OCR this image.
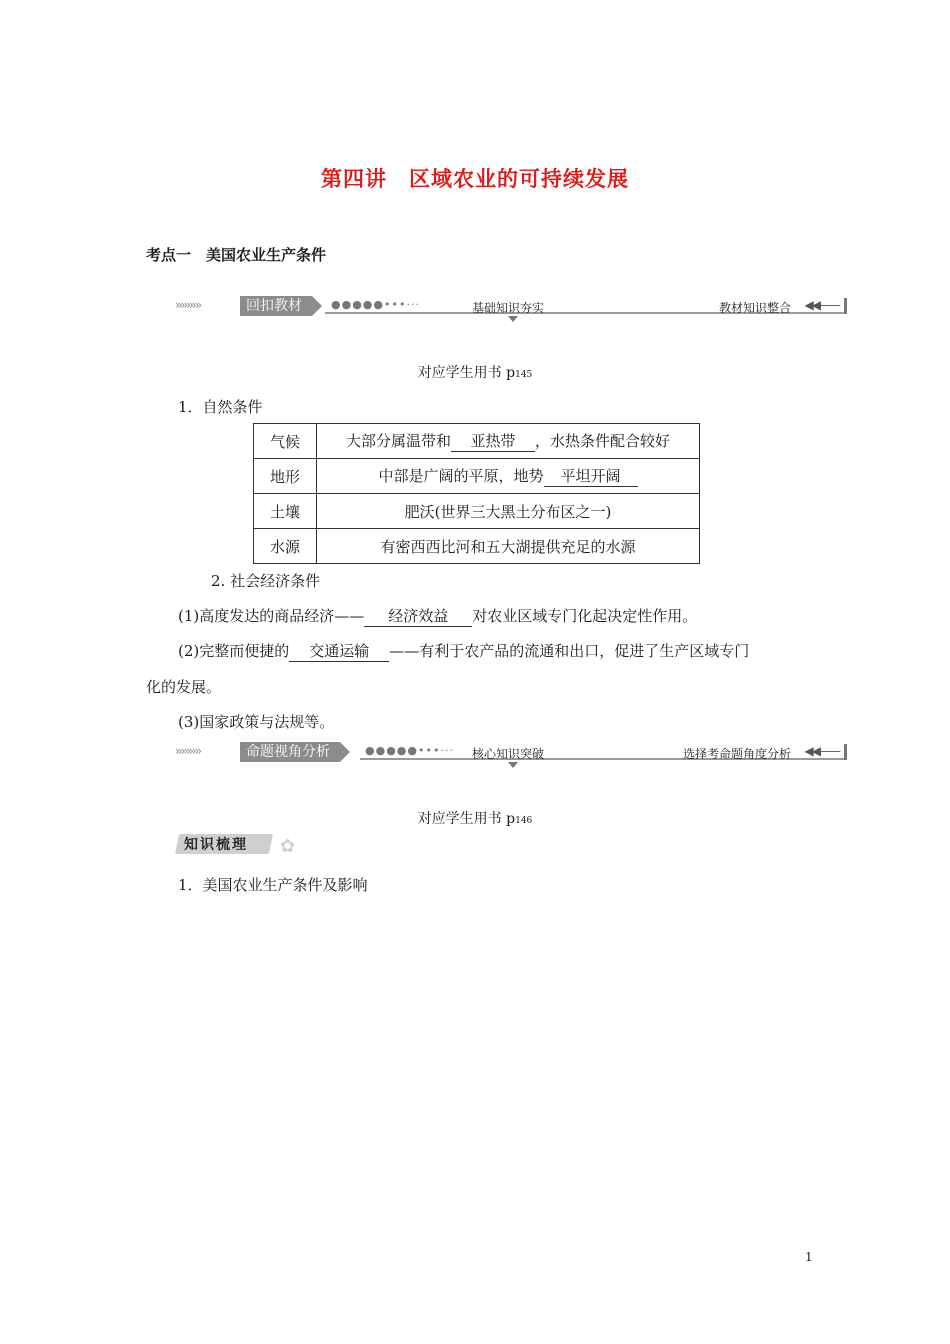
第四讲　区域农业的可持续发展
考点一　美国农业生产条件
›››››››››	回扣教材	●●●●●•••···	基础知识夯实	教材知识整合 ◀◀——
对应学生用书 p145
1．自然条件
气候	大部分属温带和 亚热带 ，水热条件配合较好
地形	中部是广阔的平原，地势 平坦开阔
土壤	肥沃(世界三大黑土分布区之一)
水源	有密西西比河和五大湖提供充足的水源
2. 社会经济条件
(1)高度发达的商品经济—— 经济效益 对农业区域专门化起决定性作用。
(2)完整而便捷的 交通运输 ——有利于农产品的流通和出口，促进了生产区域专门
化的发展。
(3)国家政策与法规等。
›››››››››	命题视角分析	●●●●●•••··· 核心知识突破	选择考命题角度分析 ◀◀——
对应学生用书 p146
知识梳理 ✿
1．美国农业生产条件及影响
1
